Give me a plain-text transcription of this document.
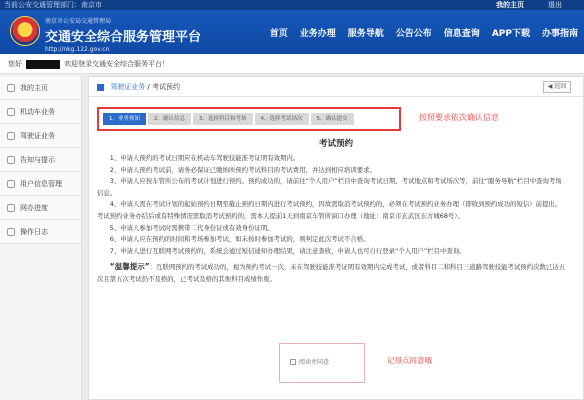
当前公安交通管理部门：南京市	我的主页	退出
南京市公安局交通管理局
交通安全综合服务管理平台
http://nkg.122.gov.cn
首页 业务办理 服务导航 公告公布 信息查询 APP下载 办事指南
您好	欢迎登录交通安全综合服务平台！
我的主页
机动车业务
驾驶证业务
告知与提示
用户信息管理
网办进度
操作日志
驾驶证业务 / 考试预约	◀ 返回
1、业务须知	2、确认信息	3、选择科目和考场	4、选择考试场次	5、确认提交	按照要求依次确认信息
考试预约

1、申请人预约的考试日期应在机动车驾驶技能准考证明有效期内。

2、申请人预约考试前，请务必保证已缴纳所预约考试科目的考试费用，并达到相应培训要求。

3、申请人应按车管所公布的考试计划进行预约。预约成功的，请前往“个人用户”栏目中查询考试日期、考试地点和考试场次等，前往“服务导航”栏目中查询考场信息。

4、申请人需在考试计划的起始预约日期至截止预约日期内进行考试预约，因故需取消考试预约的，必须在考试预约业务办理（即收到预约成功的短信）前提出。考试预约业务办结后或有特殊情况需取消考试预约的，需本人提前1天到南京车管所窗口办理（地址：南京市玄武区东方城68号）。

5、申请人参加考试时需携带二代身份证或有效身份证明。

6、申请人应在预约的时间和考场参加考试，如未按时参加考试的，则判定此次考试不合格。

7、申请人进行互联网考试预约的，系统会通过短信通知办理结果，请注意查收，申请人也可自行登录“个人用户”栏目中查询。

“温馨提示”：互联网预约的考试成功的，视为预约考试一次，未在驾驶技能准考证明有效期内完成考试，或者科目二和科目三道路驾驶技能考试预约次数已达五次且第五次考试仍不及格的，已考试及格的其他科目成绩作废。

阅读并同意	记得点同意哦
